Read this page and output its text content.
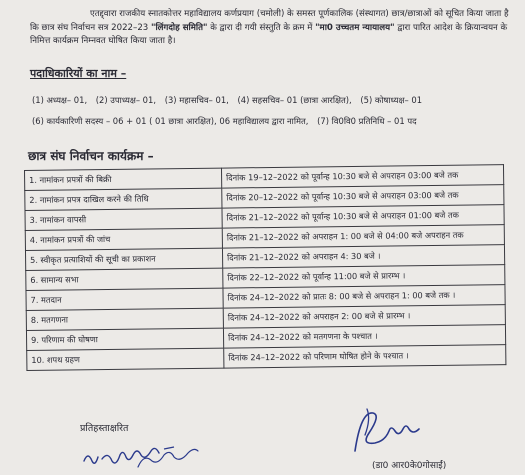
एतद्द्वारा राजकीय स्नातकोत्तर महाविद्यालय कर्णप्रयाग (चमोली) के समस्त पूर्णकालिक (संस्थागत) छात्र/छात्राओं को सूचित किया जाता है कि छात्र संघ निर्वाचन सत्र 2022–23 "लिंगदोह समिति" के द्वारा दी गयी संस्तुति के क्रम में "मा0 उच्चतम न्यायालय" द्वारा पारित आदेश के क्रियान्वयन के निमित्त कार्यक्रम निम्नवत घोषित किया जाता है।
पदाधिकारियों का नाम –
(1) अध्यक्ष– 01, (2) उपाध्यक्ष– 01, (3) महासचिव– 01, (4) सहसचिव– 01 (छात्रा आरक्षित), (5) कोषाध्यक्ष– 01
(6) कार्यकारिणी सदस्य – 06 + 01 ( 01 छात्रा आरक्षित), 06 महाविद्यालय द्वारा नामित, (7) वि0वि0 प्रतिनिधि – 01 पद
छात्र संघ निर्वाचन कार्यक्रम –
1. नामांकन प्रपत्रों की बिक्री	दिनांक 19–12–2022 को पूर्वान्ह 10:30 बजे से अपराहन 03:00 बजे तक
2. नामांकन प्रपत्र दाखिल करने की तिथि	दिनांक 20–12–2022 को पूर्वान्ह 10:30 बजे से अपराहन 03:00 बजे तक
3. नामांकन वापसी	दिनांक 21–12–2022 को पूर्वान्ह 10:30 बजे से अपराहन 01:00 बजे तक
4. नामांकन प्रपत्रों की जांच	दिनांक 21–12–2022 को अपराहन 1: 00 बजे से 04:00 बजे अपराहन तक
5. स्वीकृत प्रत्याशियों की सूची का प्रकाशन	दिनांक 21–12–2022 को अपराहन 4: 30 बजे ।
6. सामान्य सभा	दिनांक 22–12–2022 को पूर्वान्ह 11:00 बजे से प्रारम्भ ।
7. मतदान	दिनांक 24–12–2022 को प्रातः 8: 00 बजे से अपराहन 1: 00 बजे तक ।
8. मतगणना	दिनांक 24–12–2022 को अपराहन 2: 00 बजे से प्रारम्भ ।
9. परिणाम की घोषणा	दिनांक 24–12–2022 को मतगणना के पश्चात ।
10. शपथ ग्रहण	दिनांक 24–12–2022 को परिणाम घोषित होने के पश्चात ।
प्रतिहस्ताक्षरित
(डा0 आर0के0गोसाईं)
